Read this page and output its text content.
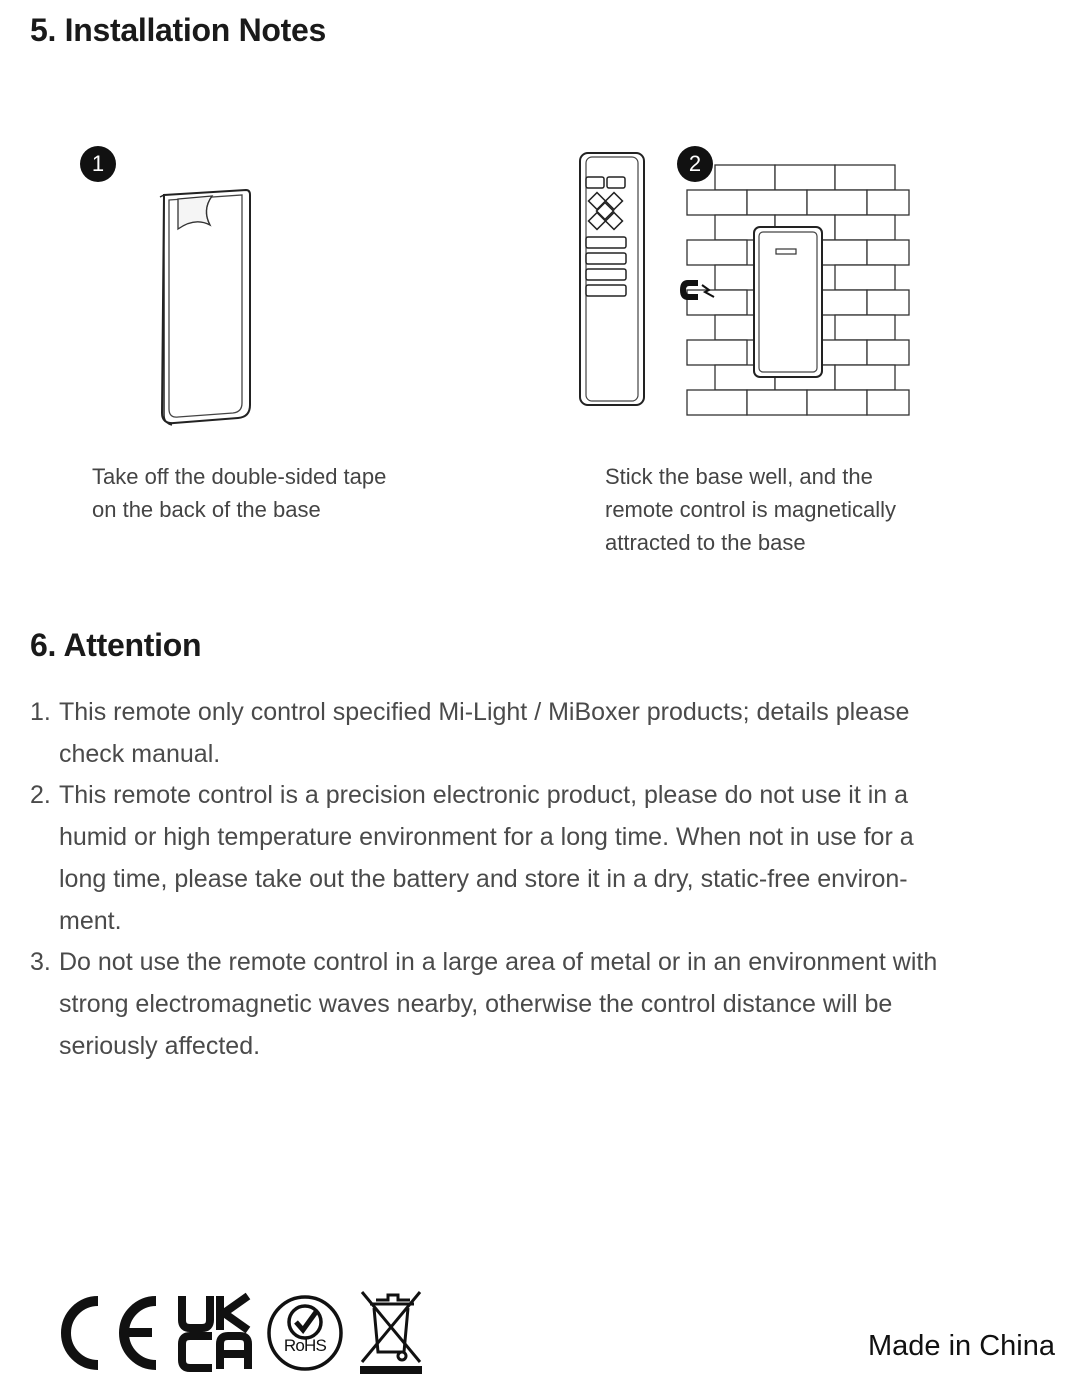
5. Installation Notes
1
Take off the double-sided tape
on the back of the base
2
Stick the base well, and the
remote control is magnetically
attracted to the base
6. Attention
1. This remote only control specified Mi-Light / MiBoxer products; details please
check manual.
2. This remote control is a precision electronic product, please do not use it in a
humid or high temperature environment for a long time. When not in use for a
long time, please take out the battery and store it in a dry, static-free environ-
ment.
3. Do not use the remote control in a large area of metal or in an environment with
strong electromagnetic waves nearby, otherwise the control distance will be
seriously affected.
RoHS	Made in China
